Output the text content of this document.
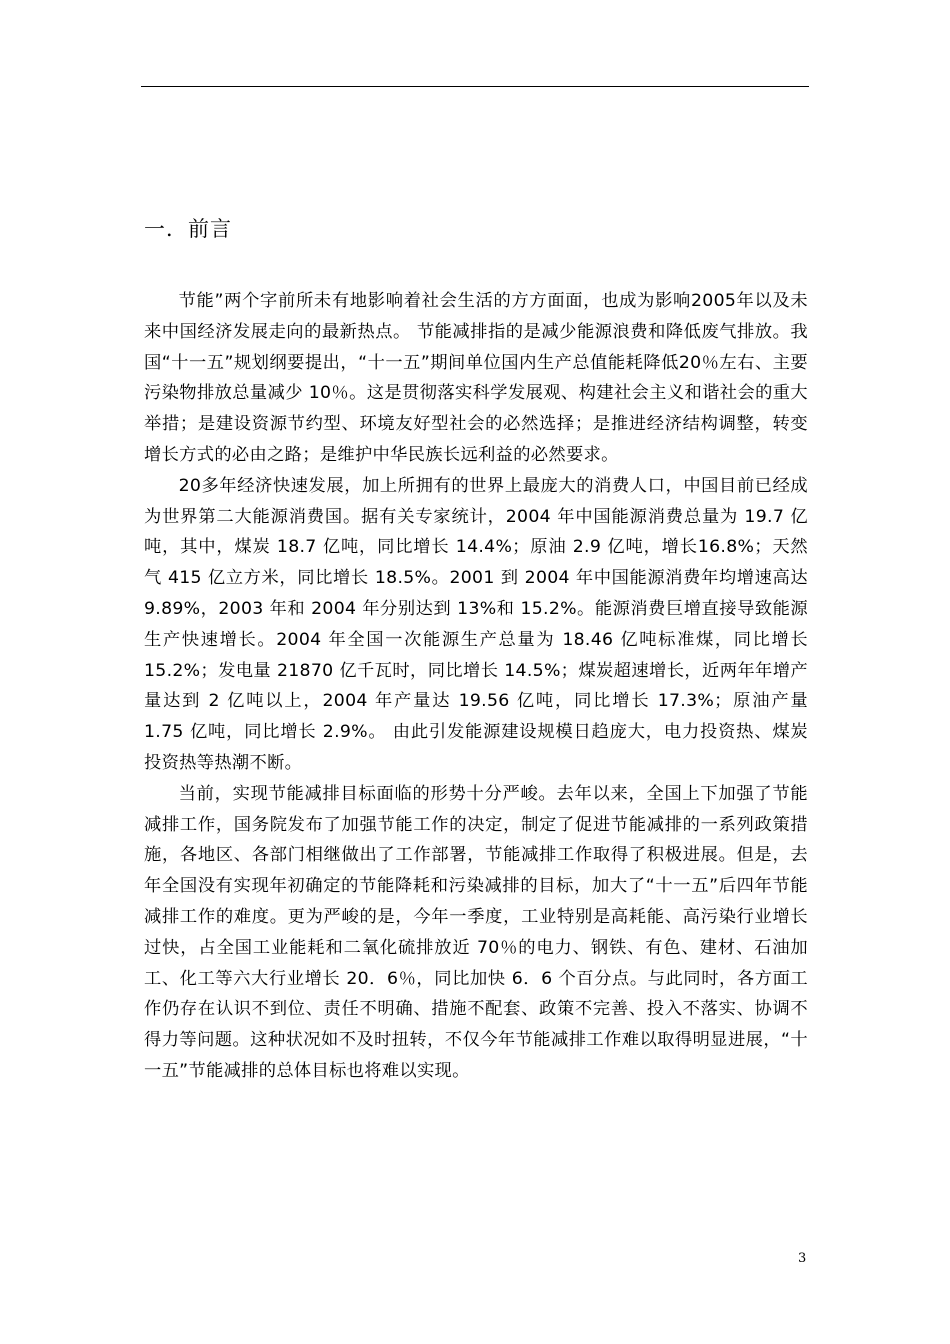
一．前言

节能”两个字前所未有地影响着社会生活的方方面面，也成为影响2005年以及未来中国经济发展走向的最新热点。 节能减排指的是减少能源浪费和降低废气排放。我国“十一五”规划纲要提出，“十一五”期间单位国内生产总值能耗降低20％左右、主要污染物排放总量减少 10％。这是贯彻落实科学发展观、构建社会主义和谐社会的重大举措；是建设资源节约型、环境友好型社会的必然选择；是推进经济结构调整，转变增长方式的必由之路；是维护中华民族长远利益的必然要求。

20多年经济快速发展，加上所拥有的世界上最庞大的消费人口，中国目前已经成为世界第二大能源消费国。据有关专家统计，2004 年中国能源消费总量为 19.7 亿吨，其中，煤炭 18.7 亿吨，同比增长 14.4%；原油 2.9 亿吨，增长16.8%；天然气 415 亿立方米，同比增长 18.5%。2001 到 2004 年中国能源消费年均增速高达 9.89%，2003 年和 2004 年分别达到 13%和 15.2%。能源消费巨增直接导致能源生产快速增长。2004 年全国一次能源生产总量为 18.46 亿吨标准煤，同比增长 15.2%；发电量 21870 亿千瓦时，同比增长 14.5%；煤炭超速增长，近两年年增产量达到 2 亿吨以上，2004 年产量达 19.56 亿吨，同比增长 17.3%；原油产量 1.75 亿吨，同比增长 2.9%。 由此引发能源建设规模日趋庞大，电力投资热、煤炭投资热等热潮不断。

当前，实现节能减排目标面临的形势十分严峻。去年以来，全国上下加强了节能减排工作，国务院发布了加强节能工作的决定，制定了促进节能减排的一系列政策措施，各地区、各部门相继做出了工作部署，节能减排工作取得了积极进展。但是，去年全国没有实现年初确定的节能降耗和污染减排的目标，加大了“十一五”后四年节能减排工作的难度。更为严峻的是，今年一季度，工业特别是高耗能、高污染行业增长过快，占全国工业能耗和二氧化硫排放近 70％的电力、钢铁、有色、建材、石油加工、化工等六大行业增长 20．6％，同比加快 6．6 个百分点。与此同时，各方面工作仍存在认识不到位、责任不明确、措施不配套、政策不完善、投入不落实、协调不得力等问题。这种状况如不及时扭转，不仅今年节能减排工作难以取得明显进展，“十一五”节能减排的总体目标也将难以实现。

3
